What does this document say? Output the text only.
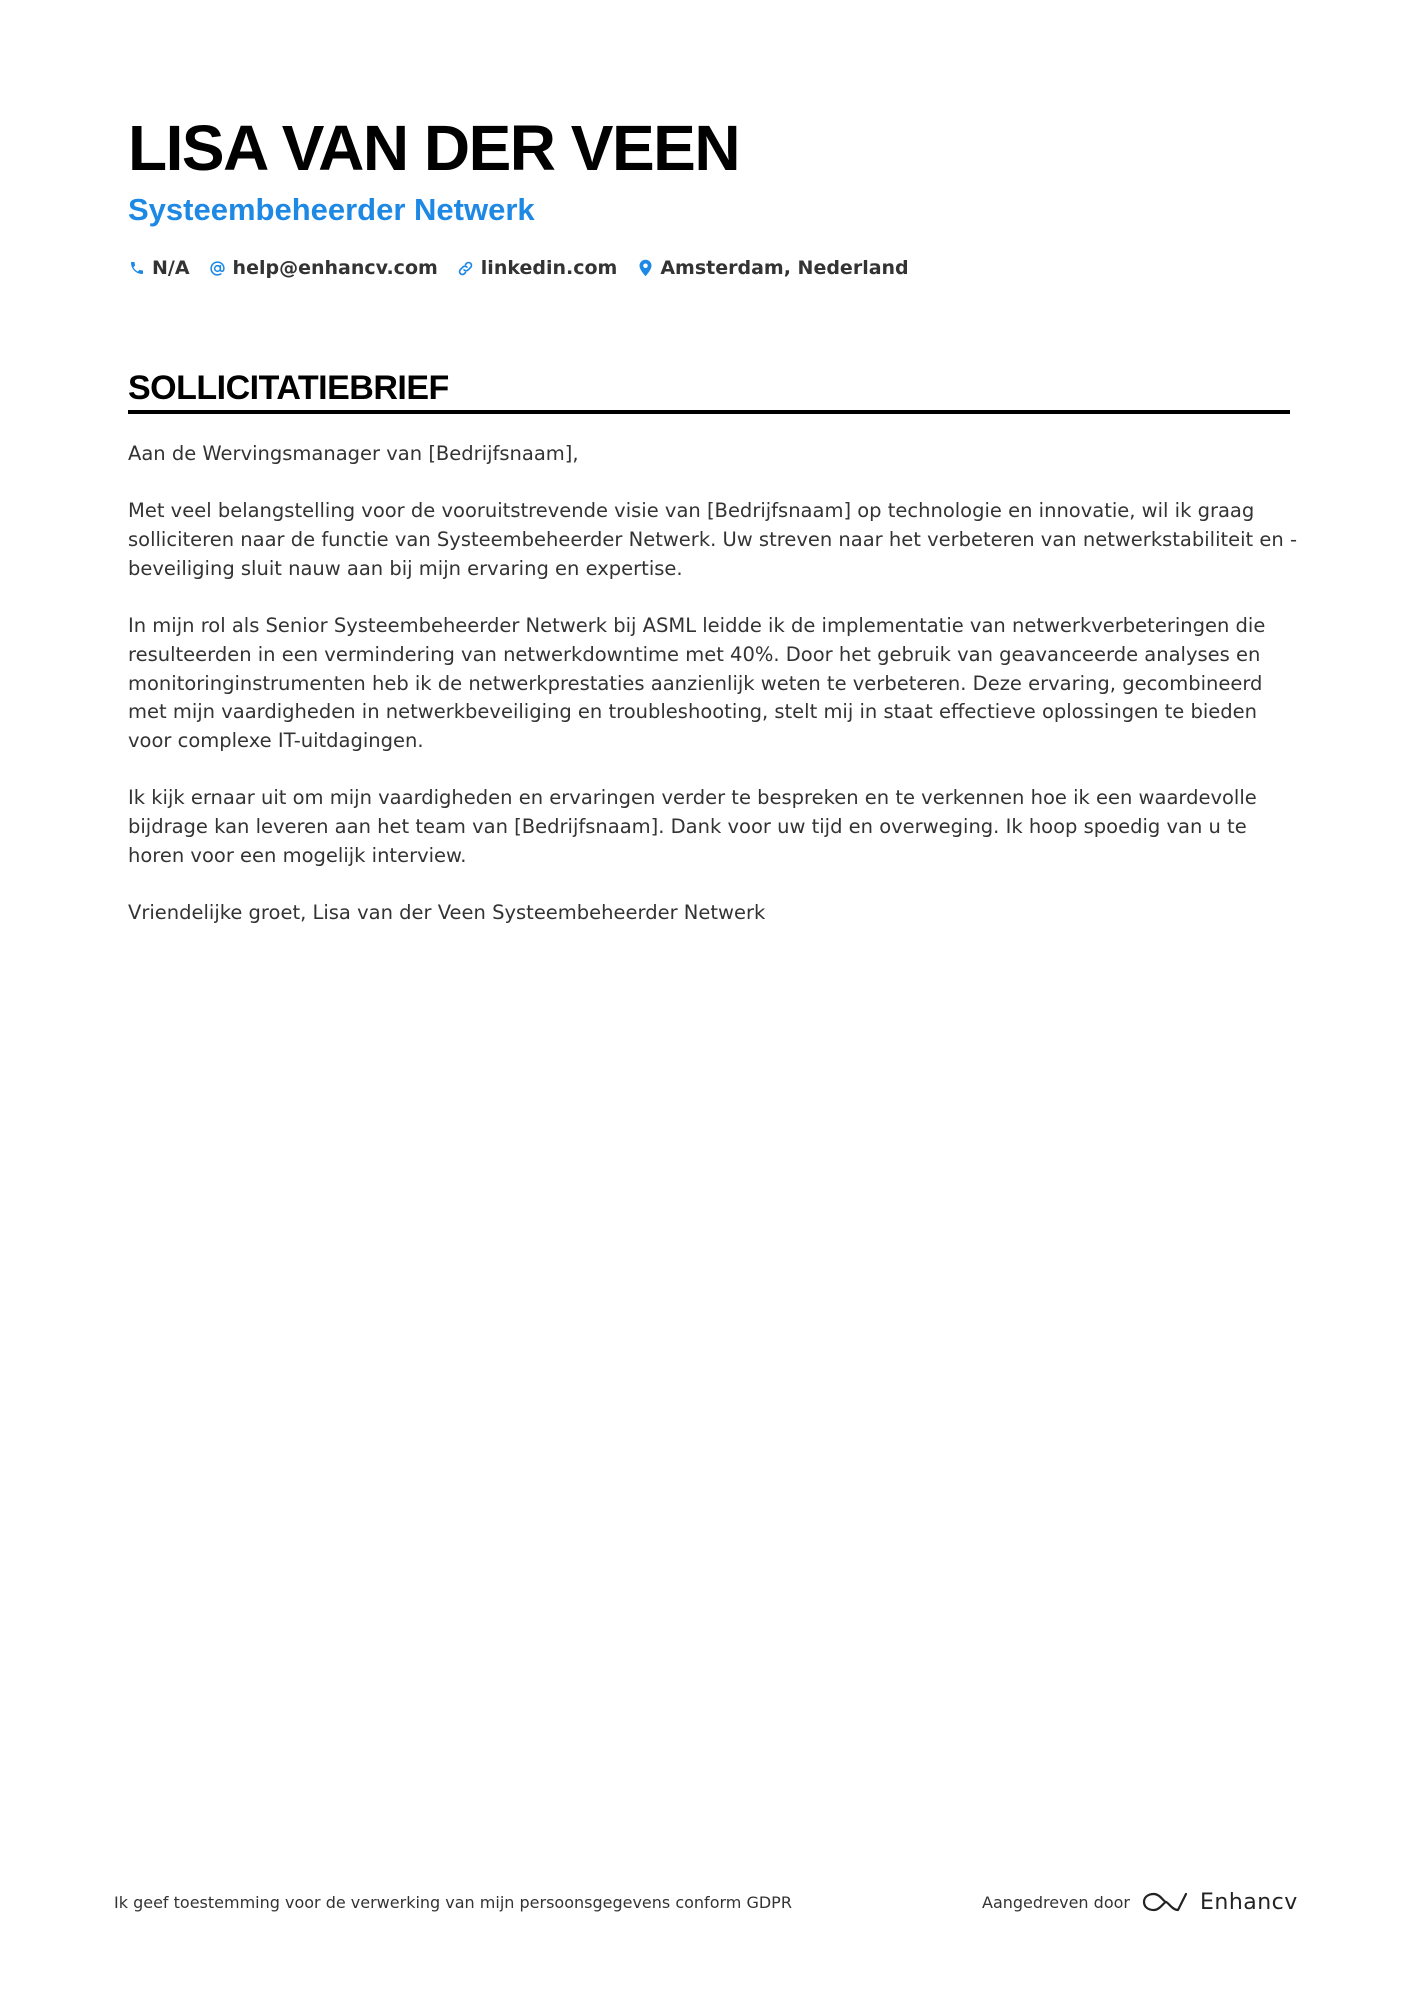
LISA VAN DER VEEN
Systeembeheerder Netwerk
N/A help@enhancv.com linkedin.com Amsterdam, Nederland
SOLLICITATIEBRIEF

Aan de Wervingsmanager van [Bedrijfsnaam],

Met veel belangstelling voor de vooruitstrevende visie van [Bedrijfsnaam] op technologie en innovatie, wil ik graag solliciteren naar de functie van Systeembeheerder Netwerk. Uw streven naar het verbeteren van netwerkstabiliteit en -beveiliging sluit nauw aan bij mijn ervaring en expertise.

In mijn rol als Senior Systeembeheerder Netwerk bij ASML leidde ik de implementatie van netwerkverbeteringen die resulteerden in een vermindering van netwerkdowntime met 40%. Door het gebruik van geavanceerde analyses en monitoringinstrumenten heb ik de netwerkprestaties aanzienlijk weten te verbeteren. Deze ervaring, gecombineerd met mijn vaardigheden in netwerkbeveiliging en troubleshooting, stelt mij in staat effectieve oplossingen te bieden voor complexe IT-uitdagingen.

Ik kijk ernaar uit om mijn vaardigheden en ervaringen verder te bespreken en te verkennen hoe ik een waardevolle bijdrage kan leveren aan het team van [Bedrijfsnaam]. Dank voor uw tijd en overweging. Ik hoop spoedig van u te horen voor een mogelijk interview.

Vriendelijke groet, Lisa van der Veen Systeembeheerder Netwerk

Ik geef toestemming voor de verwerking van mijn persoonsgegevens conform GDPR	Aangedreven door	Enhancv
